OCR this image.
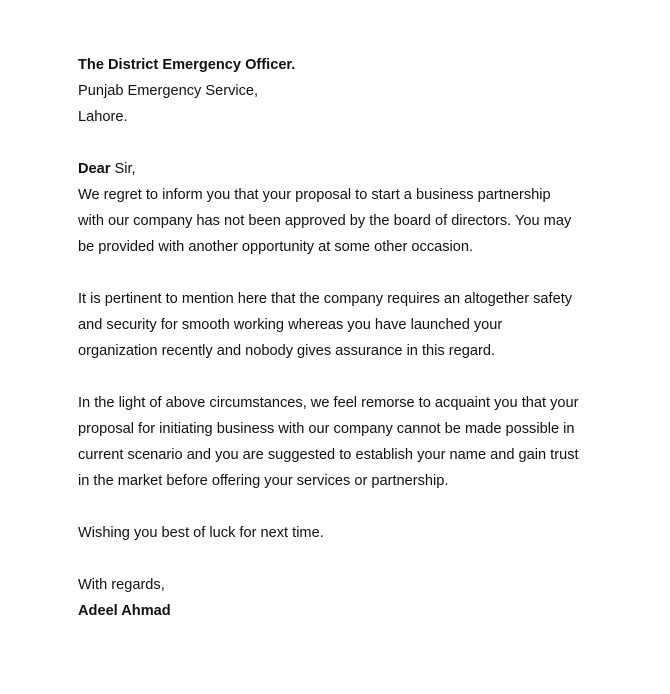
The District Emergency Officer.
Punjab Emergency Service,
Lahore.
Dear Sir,
We regret to inform you that your proposal to start a business partnership
with our company has not been approved by the board of directors. You may
be provided with another opportunity at some other occasion.
It is pertinent to mention here that the company requires an altogether safety
and security for smooth working whereas you have launched your
organization recently and nobody gives assurance in this regard.
In the light of above circumstances, we feel remorse to acquaint you that your
proposal for initiating business with our company cannot be made possible in
current scenario and you are suggested to establish your name and gain trust
in the market before offering your services or partnership.
Wishing you best of luck for next time.
With regards,
Adeel Ahmad
